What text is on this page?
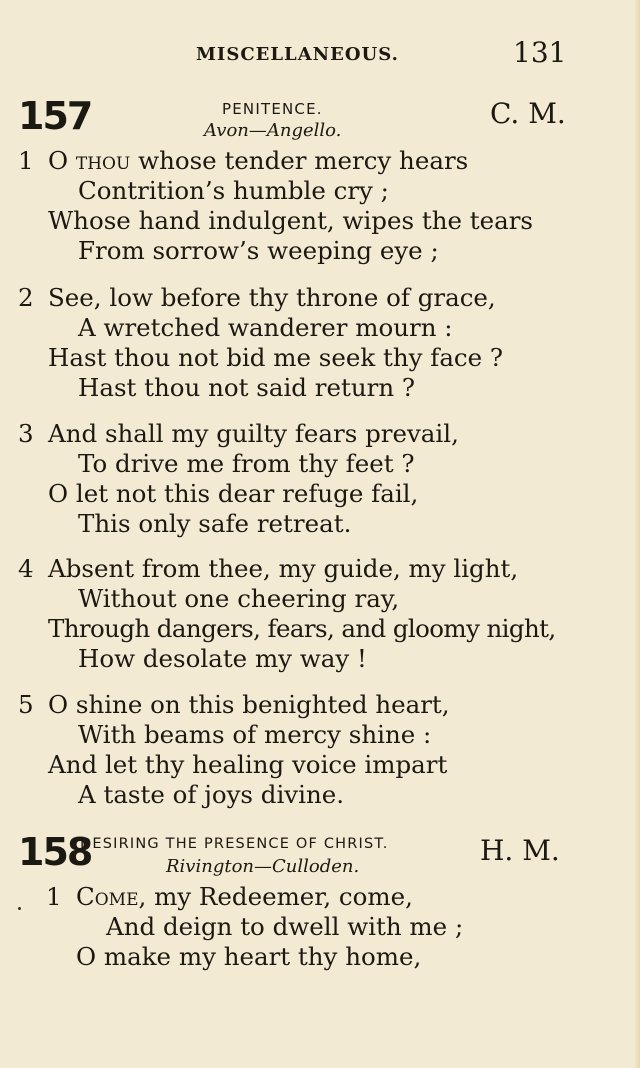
MISCELLANEOUS.	131
157	PENITENCE.
Avon—Angello.
C. M.
1 O thou whose tender mercy hears
Contrition’s humble cry ;
Whose hand indulgent, wipes the tears
From sorrow’s weeping eye ;
2 See, low before thy throne of grace,
A wretched wanderer mourn :
Hast thou not bid me seek thy face ?
Hast thou not said return ?
3 And shall my guilty fears prevail,
To drive me from thy feet ?
O let not this dear refuge fail,
This only safe retreat.
4 Absent from thee, my guide, my light,
Without one cheering ray,
Through dangers, fears, and gloomy night,
How desolate my way !
5 O shine on this benighted heart,
With beams of mercy shine :
And let thy healing voice impart
A taste of joys divine.
158
DESIRING THE PRESENCE OF CHRIST.
Rivington—Culloden.	H. M.
1 Come, my Redeemer, come,
And deign to dwell with me ;
O make my heart thy home,
